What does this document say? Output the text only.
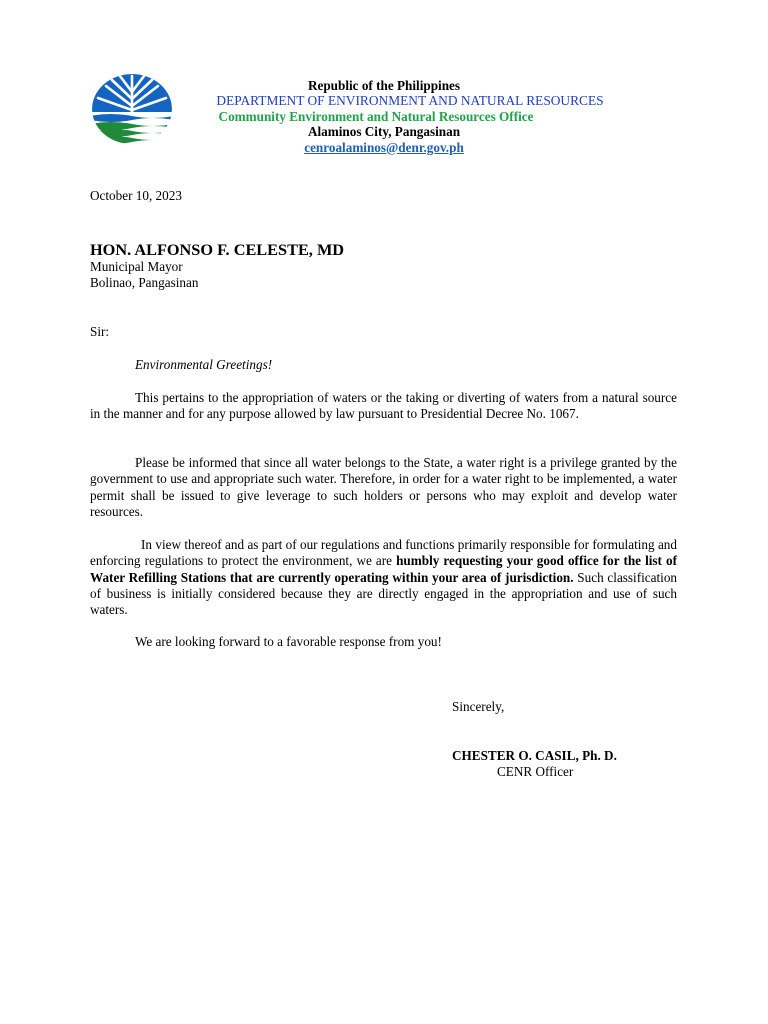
Republic of the Philippines
DEPARTMENT OF ENVIRONMENT AND NATURAL RESOURCES
Community Environment and Natural Resources Office
Alaminos City, Pangasinan
cenroalaminos@denr.gov.ph
October 10, 2023
HON. ALFONSO F. CELESTE, MD
Municipal Mayor
Bolinao, Pangasinan
Sir:
Environmental Greetings!
This pertains to the appropriation of waters or the taking or diverting of waters from a natural source in the manner and for any purpose allowed by law pursuant to Presidential Decree No. 1067.
Please be informed that since all water belongs to the State, a water right is a privilege granted by the government to use and appropriate such water. Therefore, in order for a water right to be implemented, a water permit shall be issued to give leverage to such holders or persons who may exploit and develop water resources.
In view thereof and as part of our regulations and functions primarily responsible for formulating and enforcing regulations to protect the environment, we are humbly requesting your good office for the list of Water Refilling Stations that are currently operating within your area of jurisdiction. Such classification of business is initially considered because they are directly engaged in the appropriation and use of such waters.
We are looking forward to a favorable response from you!
Sincerely,
CHESTER O. CASIL, Ph. D.
CENR Officer
